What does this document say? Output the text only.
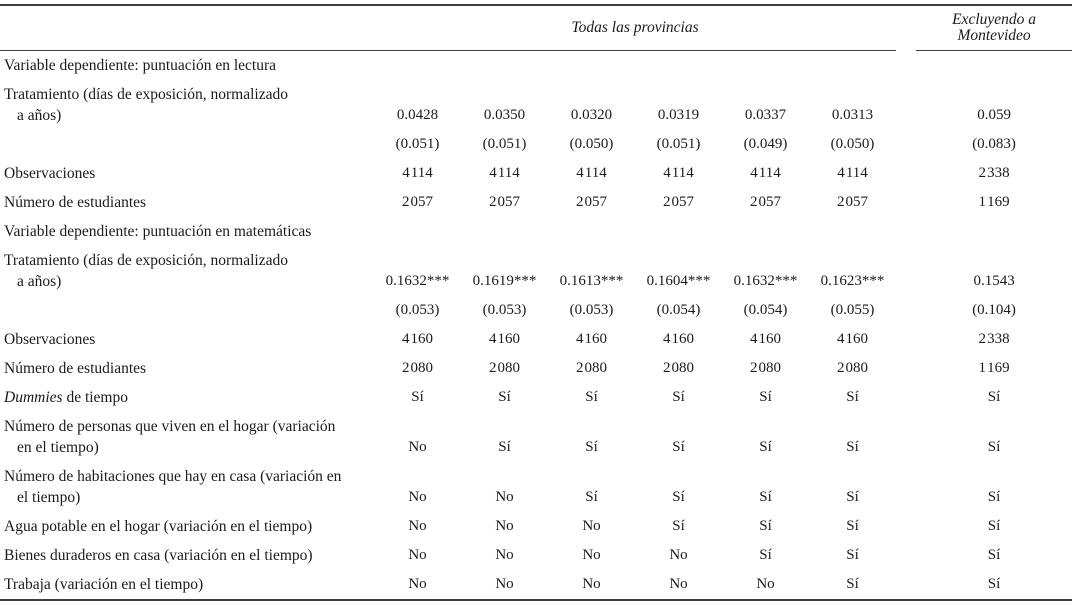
	Todas las provincias							Excluyendo a
Montevideo
Variable dependiente: puntuación en lectura								

Tratamiento (días de exposición, normalizado
a años)	0.0428	0.0350	0.0320	0.0319	0.0337	0.0313		0.059
	(0.051)	(0.051)	(0.050)	(0.051)	(0.049)	(0.050)		(0.083)
Observaciones	4 114	4 114	4 114	4 114	4 114	4 114		2 338
Número de estudiantes	2 057	2 057	2 057	2 057	2 057	2 057		1 169
Variable dependiente: puntuación en matemáticas								

Tratamiento (días de exposición, normalizado
a años)	0.1632***	0.1619***	0.1613***	0.1604***	0.1632***	0.1623***		0.1543
	(0.053)	(0.053)	(0.053)	(0.054)	(0.054)	(0.055)		(0.104)
Observaciones	4 160	4 160	4 160	4 160	4 160	4 160		2 338
Número de estudiantes	2 080	2 080	2 080	2 080	2 080	2 080		1 169
Dummies de tiempo	Sí	Sí	Sí	Sí	Sí	Sí		Sí

Número de personas que viven en el hogar (variación
en el tiempo)	No	Sí	Sí	Sí	Sí	Sí		Sí

Número de habitaciones que hay en casa (variación en
el tiempo)	No	No	Sí	Sí	Sí	Sí		Sí
Agua potable en el hogar (variación en el tiempo)	No	No	No	Sí	Sí	Sí		Sí
Bienes duraderos en casa (variación en el tiempo)	No	No	No	No	Sí	Sí		Sí
Trabaja (variación en el tiempo)	No	No	No	No	No	Sí		Sí
